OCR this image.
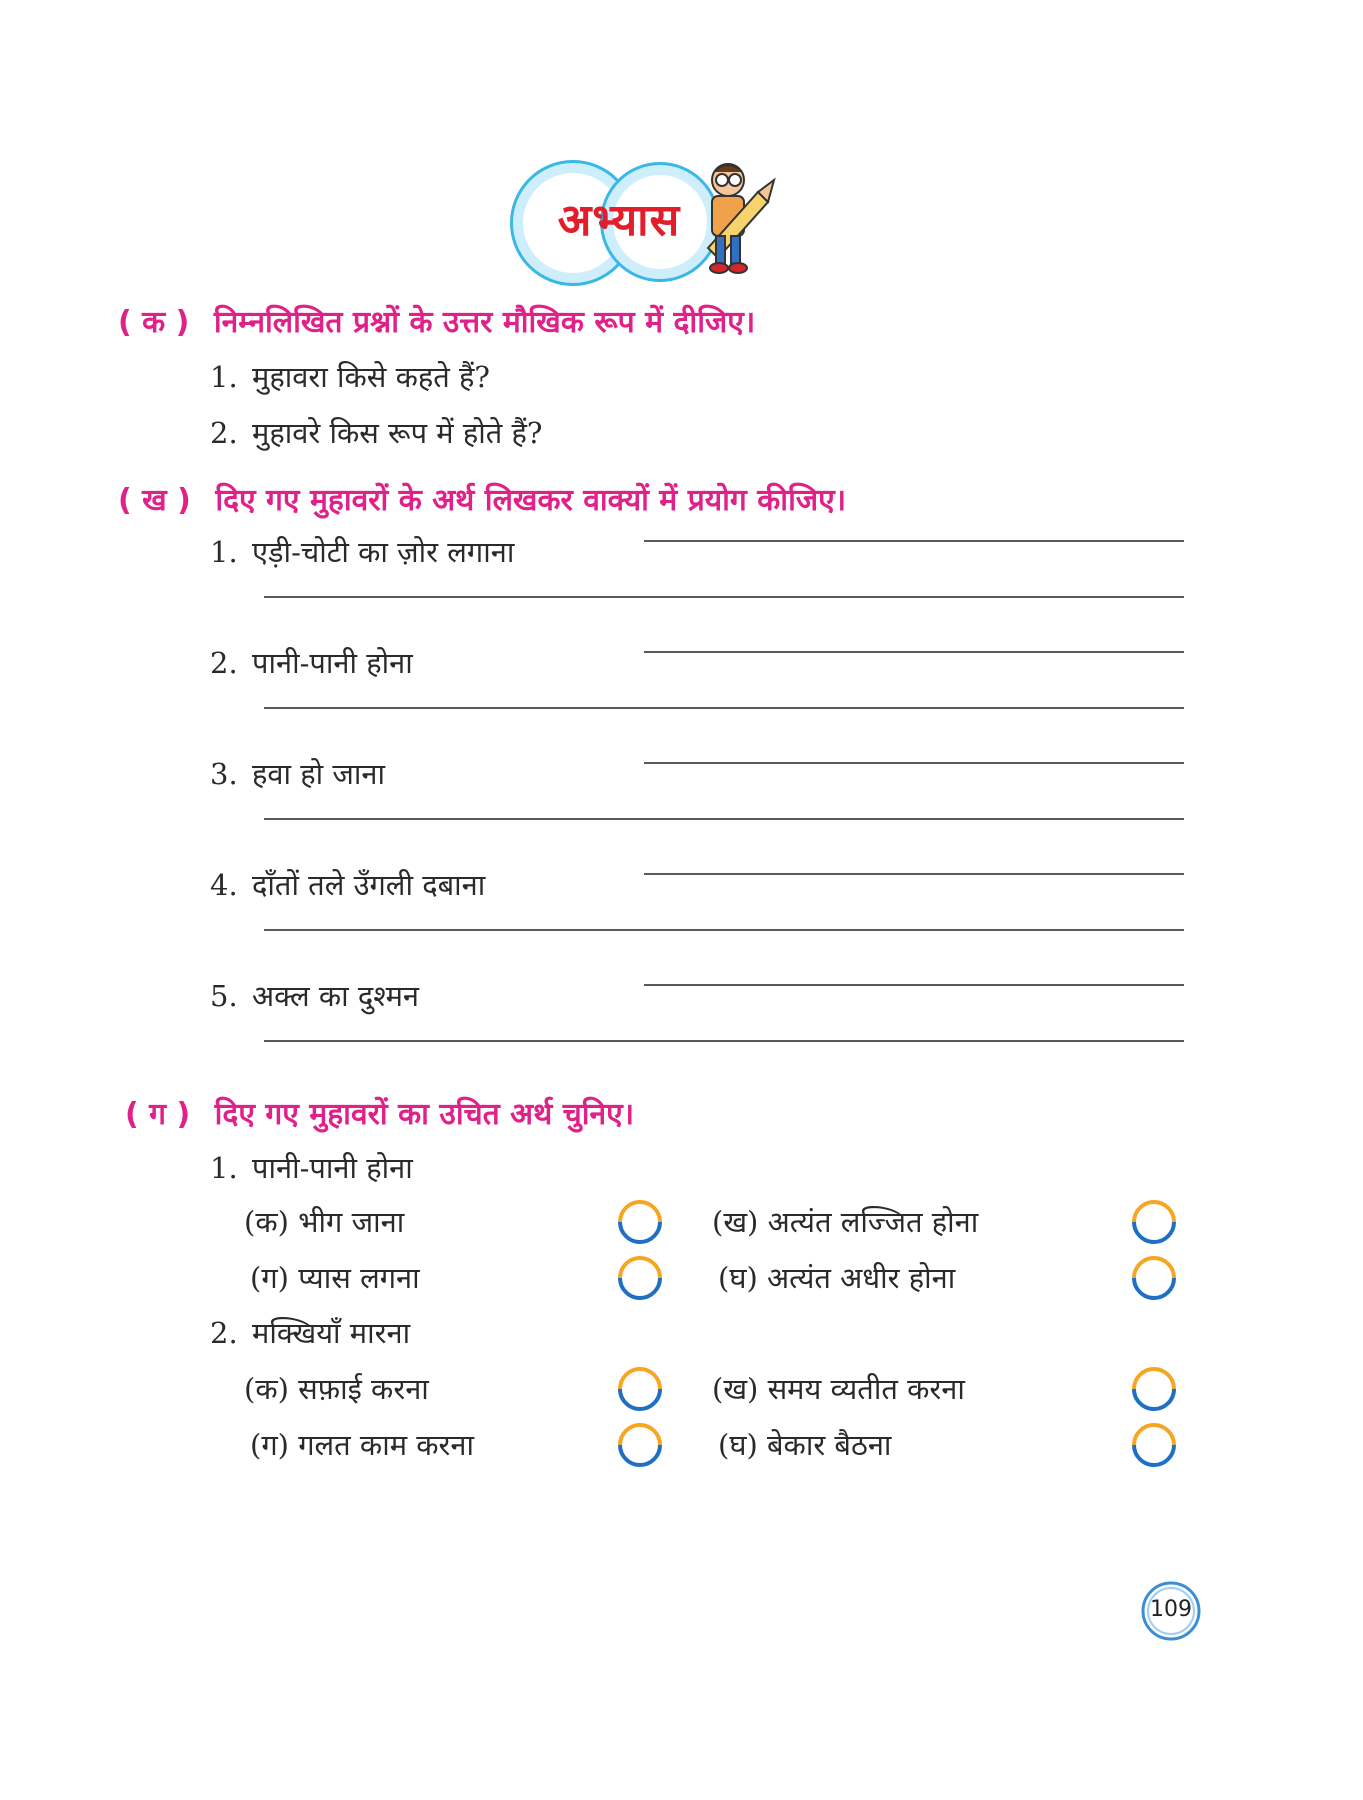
अभ्यास
( क ) निम्नलिखित प्रश्नों के उत्तर मौखिक रूप में दीजिए।
1. मुहावरा किसे कहते हैं?
2. मुहावरे किस रूप में होते हैं?
( ख ) दिए गए मुहावरों के अर्थ लिखकर वाक्यों में प्रयोग कीजिए।
1. एड़ी-चोटी का ज़ोर लगाना
2. पानी-पानी होना
3. हवा हो जाना
4. दाँतों तले उँगली दबाना
5. अक्ल का दुश्मन
( ग ) दिए गए मुहावरों का उचित अर्थ चुनिए।
1. पानी-पानी होना
(क) भीग जाना	(ख) अत्यंत लज्जित होना
(ग) प्यास लगना	(घ) अत्यंत अधीर होना
2. मक्खियाँ मारना
(क) सफ़ाई करना	(ख) समय व्यतीत करना
(ग) गलत काम करना	(घ) बेकार बैठना
109
